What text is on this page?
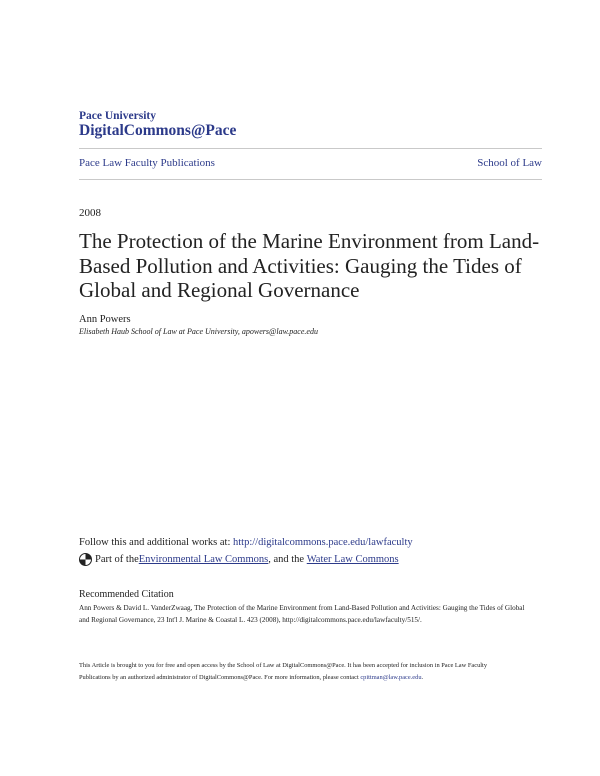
Pace University
DigitalCommons@Pace
Pace Law Faculty Publications	School of Law
2008
The Protection of the Marine Environment from Land-Based Pollution and Activities: Gauging the Tides of Global and Regional Governance
Ann Powers
Elisabeth Haub School of Law at Pace University, apowers@law.pace.edu
Follow this and additional works at: http://digitalcommons.pace.edu/lawfaculty
Part of the Environmental Law Commons , and the Water Law Commons
Recommended Citation
Ann Powers & David L. VanderZwaag, The Protection of the Marine Environment from Land-Based Pollution and Activities: Gauging the Tides of Global and Regional Governance, 23 Int'l J. Marine & Coastal L. 423 (2008), http://digitalcommons.pace.edu/lawfaculty/515/.
This Article is brought to you for free and open access by the School of Law at DigitalCommons@Pace. It has been accepted for inclusion in Pace Law Faculty Publications by an authorized administrator of DigitalCommons@Pace. For more information, please contact cpittman@law.pace.edu.
